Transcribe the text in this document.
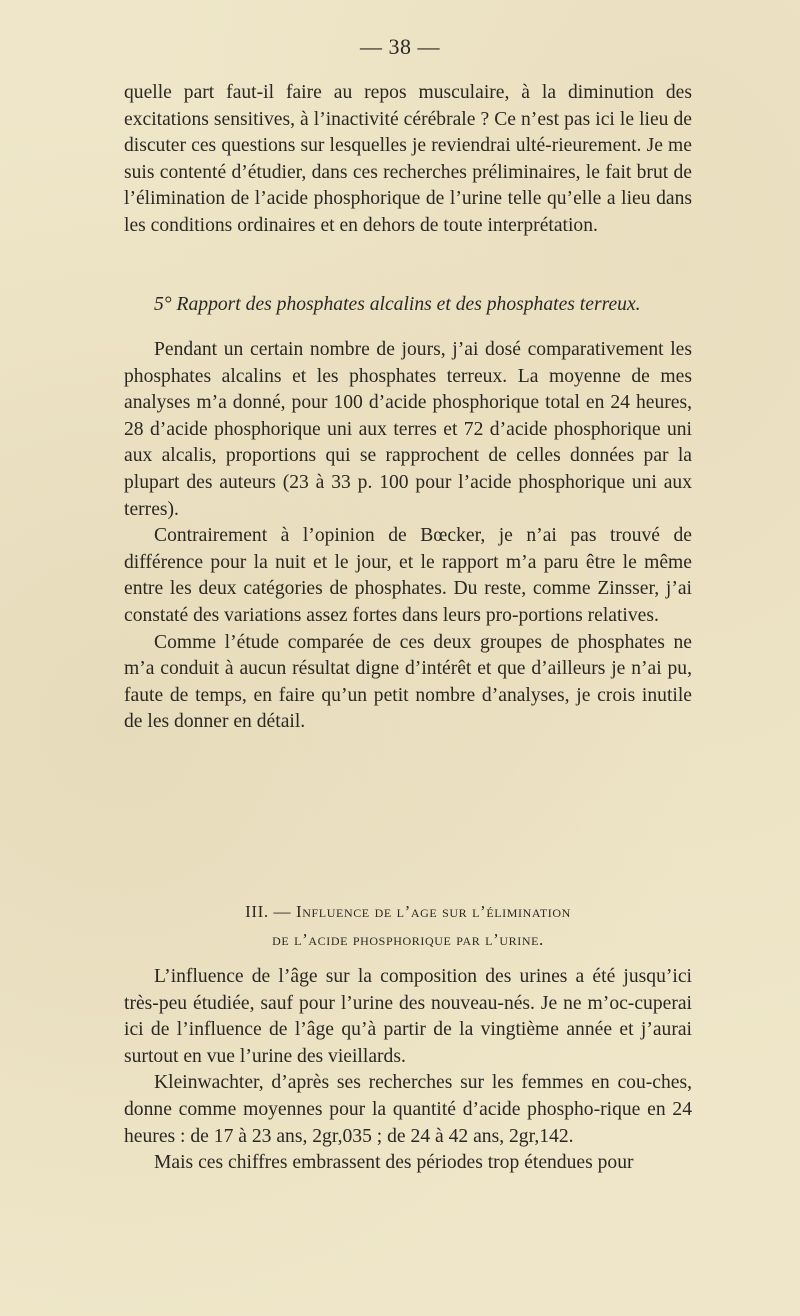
— 38 —

quelle part faut-il faire au repos musculaire, à la diminution des excitations sensitives, à l’inactivité cérébrale ? Ce n’est pas ici le lieu de discuter ces questions sur lesquelles je reviendrai ulté-rieurement. Je me suis contenté d’étudier, dans ces recherches préliminaires, le fait brut de l’élimination de l’acide phosphorique de l’urine telle qu’elle a lieu dans les conditions ordinaires et en dehors de toute interprétation.

5° Rapport des phosphates alcalins et des phosphates terreux.

Pendant un certain nombre de jours, j’ai dosé comparativement les phosphates alcalins et les phosphates terreux. La moyenne de mes analyses m’a donné, pour 100 d’acide phosphorique total en 24 heures, 28 d’acide phosphorique uni aux terres et 72 d’acide phosphorique uni aux alcalis, proportions qui se rapprochent de celles données par la plupart des auteurs (23 à 33 p. 100 pour l’acide phosphorique uni aux terres).

Contrairement à l’opinion de Bœcker, je n’ai pas trouvé de différence pour la nuit et le jour, et le rapport m’a paru être le même entre les deux catégories de phosphates. Du reste, comme Zinsser, j’ai constaté des variations assez fortes dans leurs pro-portions relatives.

Comme l’étude comparée de ces deux groupes de phosphates ne m’a conduit à aucun résultat digne d’intérêt et que d’ailleurs je n’ai pu, faute de temps, en faire qu’un petit nombre d’analyses, je crois inutile de les donner en détail.

III. — Influence de l’age sur l’élimination
de l’acide phosphorique par l’urine.

L’influence de l’âge sur la composition des urines a été jusqu’ici très-peu étudiée, sauf pour l’urine des nouveau-nés. Je ne m’oc-cuperai ici de l’influence de l’âge qu’à partir de la vingtième année et j’aurai surtout en vue l’urine des vieillards.

Kleinwachter, d’après ses recherches sur les femmes en cou-ches, donne comme moyennes pour la quantité d’acide phospho-rique en 24 heures : de 17 à 23 ans, 2gr,035 ; de 24 à 42 ans, 2gr,142.

Mais ces chiffres embrassent des périodes trop étendues pour
